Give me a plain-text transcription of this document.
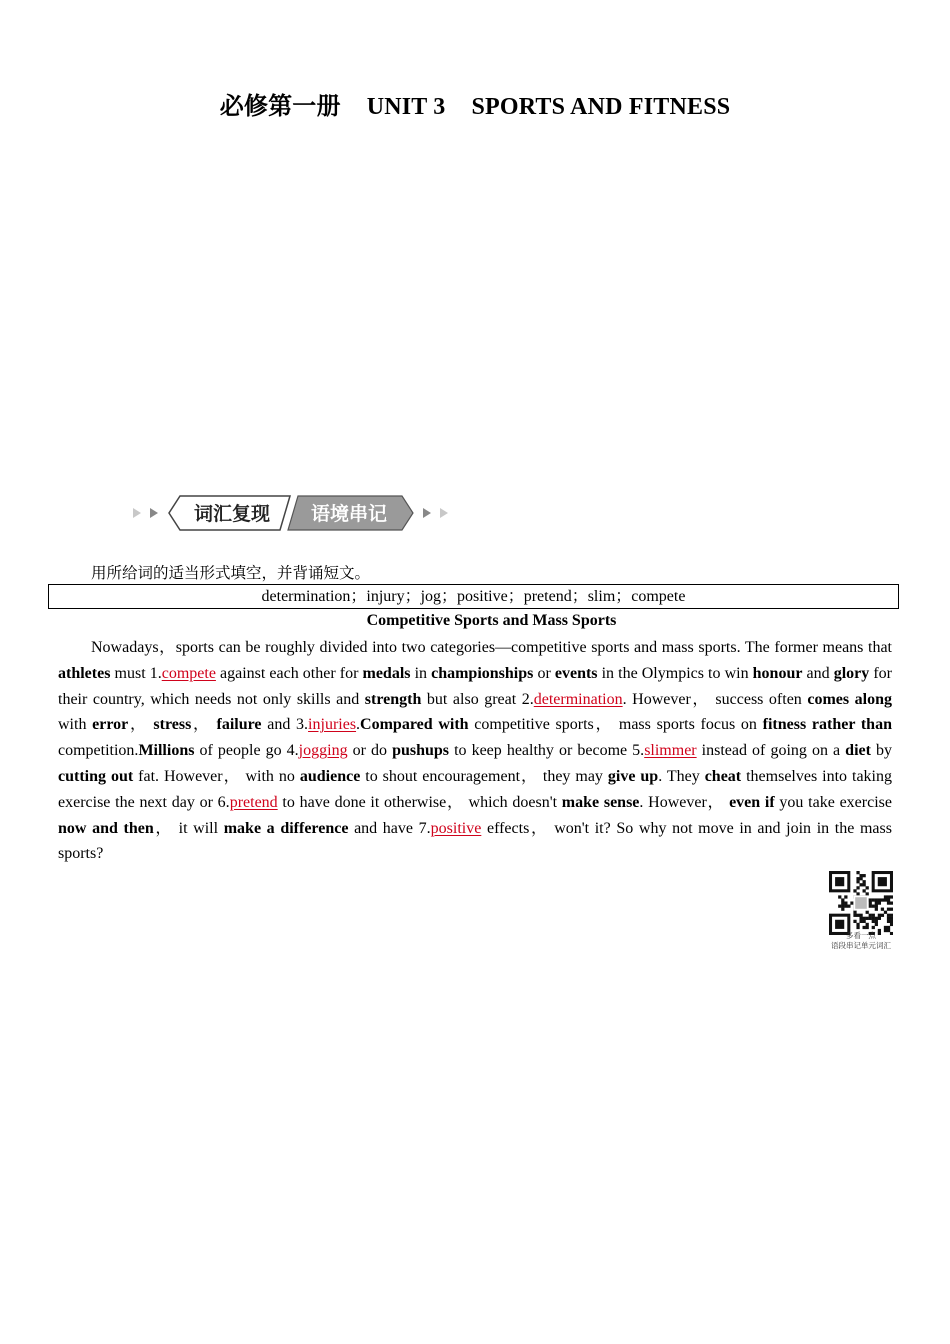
必修第一册 UNIT 3 SPORTS AND FITNESS
词汇复现 语境串记
用所给词的适当形式填空，并背诵短文。
determination；injury；jog；positive；pretend；slim；compete
Competitive Sports and Mass Sports
Nowadays，sports can be roughly divided into two categories—competitive sports and mass sports. The former means that athletes must 1.compete against each other for medals in championships or events in the Olympics to win honour and glory for their country, which needs not only skills and strength but also great 2.determination. However， success often comes along with error， stress， failure and 3.injuries.Compared with competitive sports， mass sports focus on fitness rather than competition.Millions of people go 4.jogging or do pushups to keep healthy or become 5.slimmer instead of going on a diet by cutting out fat. However， with no audience to shout encouragement， they may give up. They cheat themselves into taking exercise the next day or 6.pretend to have done it otherwise， which doesn't make sense. However， even if you take exercise now and then， it will make a difference and have 7.positive effects， won't it? So why not move in and join in the mass sports?
多看一点
语段串记单元词汇
